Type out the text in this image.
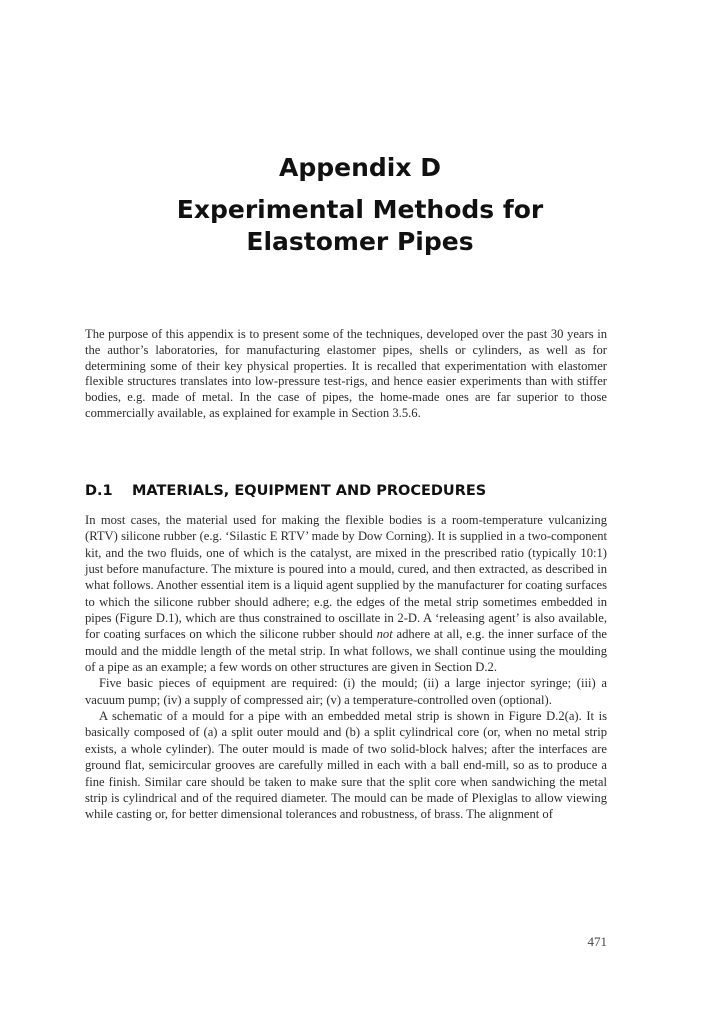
Appendix D
Experimental Methods for Elastomer Pipes

The purpose of this appendix is to present some of the techniques, developed over the past 30 years in the author’s laboratories, for manufacturing elastomer pipes, shells or cylinders, as well as for determining some of their key physical properties. It is recalled that experimentation with elastomer flexible structures translates into low-pressure test-rigs, and hence easier experiments than with stiffer bodies, e.g. made of metal. In the case of pipes, the home-made ones are far superior to those commercially available, as explained for example in Section 3.5.6.

D.1 MATERIALS, EQUIPMENT AND PROCEDURES

In most cases, the material used for making the flexible bodies is a room-temperature vulcanizing (RTV) silicone rubber (e.g. ‘Silastic E RTV’ made by Dow Corning). It is supplied in a two-component kit, and the two fluids, one of which is the catalyst, are mixed in the prescribed ratio (typically 10:1) just before manufacture. The mixture is poured into a mould, cured, and then extracted, as described in what follows. Another essential item is a liquid agent supplied by the manufacturer for coating surfaces to which the silicone rubber should adhere; e.g. the edges of the metal strip sometimes embedded in pipes (Figure D.1), which are thus constrained to oscillate in 2-D. A ‘releasing agent’ is also available, for coating surfaces on which the silicone rubber should not adhere at all, e.g. the inner surface of the mould and the middle length of the metal strip. In what follows, we shall continue using the moulding of a pipe as an example; a few words on other structures are given in Section D.2.

Five basic pieces of equipment are required: (i) the mould; (ii) a large injector syringe; (iii) a vacuum pump; (iv) a supply of compressed air; (v) a temperature-controlled oven (optional).

A schematic of a mould for a pipe with an embedded metal strip is shown in Figure D.2(a). It is basically composed of (a) a split outer mould and (b) a split cylindrical core (or, when no metal strip exists, a whole cylinder). The outer mould is made of two solid-block halves; after the interfaces are ground flat, semicircular grooves are carefully milled in each with a ball end-mill, so as to produce a fine finish. Similar care should be taken to make sure that the split core when sandwiching the metal strip is cylindrical and of the required diameter. The mould can be made of Plexiglas to allow viewing while casting or, for better dimensional tolerances and robustness, of brass. The alignment of

471
